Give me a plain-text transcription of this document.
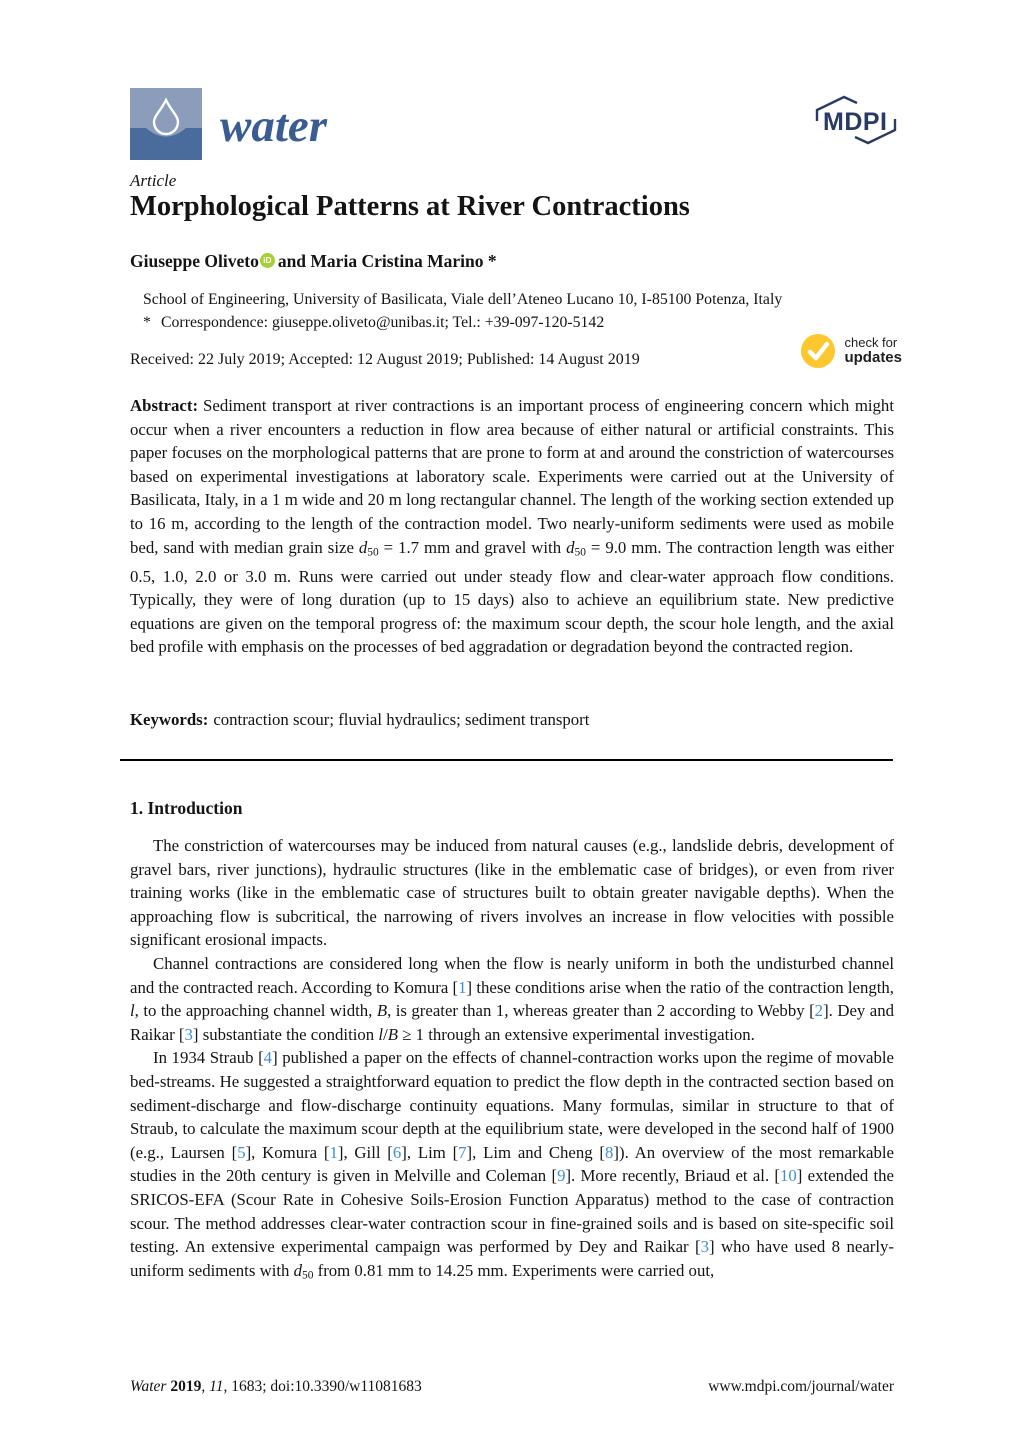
water	MDPI
Article
Morphological Patterns at River Contractions
Giuseppe Oliveto iD and Maria Cristina Marino *
School of Engineering, University of Basilicata, Viale dell’Ateneo Lucano 10, I-85100 Potenza, Italy
* Correspondence: giuseppe.oliveto@unibas.it; Tel.: +39-097-120-5142
Received: 22 July 2019; Accepted: 12 August 2019; Published: 14 August 2019
check for
updates

Abstract: Sediment transport at river contractions is an important process of engineering concern which might occur when a river encounters a reduction in flow area because of either natural or artificial constraints. This paper focuses on the morphological patterns that are prone to form at and around the constriction of watercourses based on experimental investigations at laboratory scale. Experiments were carried out at the University of Basilicata, Italy, in a 1 m wide and 20 m long rectangular channel. The length of the working section extended up to 16 m, according to the length of the contraction model. Two nearly-uniform sediments were used as mobile bed, sand with median grain size d50 = 1.7 mm and gravel with d50 = 9.0 mm. The contraction length was either 0.5, 1.0, 2.0 or 3.0 m. Runs were carried out under steady flow and clear-water approach flow conditions. Typically, they were of long duration (up to 15 days) also to achieve an equilibrium state. New predictive equations are given on the temporal progress of: the maximum scour depth, the scour hole length, and the axial bed profile with emphasis on the processes of bed aggradation or degradation beyond the contracted region.

Keywords: contraction scour; fluvial hydraulics; sediment transport

1. Introduction

The constriction of watercourses may be induced from natural causes (e.g., landslide debris, development of gravel bars, river junctions), hydraulic structures (like in the emblematic case of bridges), or even from river training works (like in the emblematic case of structures built to obtain greater navigable depths). When the approaching flow is subcritical, the narrowing of rivers involves an increase in flow velocities with possible significant erosional impacts.

Channel contractions are considered long when the flow is nearly uniform in both the undisturbed channel and the contracted reach. According to Komura [1] these conditions arise when the ratio of the contraction length, l, to the approaching channel width, B, is greater than 1, whereas greater than 2 according to Webby [2]. Dey and Raikar [3] substantiate the condition l/B ≥ 1 through an extensive experimental investigation.

In 1934 Straub [4] published a paper on the effects of channel-contraction works upon the regime of movable bed-streams. He suggested a straightforward equation to predict the flow depth in the contracted section based on sediment-discharge and flow-discharge continuity equations. Many formulas, similar in structure to that of Straub, to calculate the maximum scour depth at the equilibrium state, were developed in the second half of 1900 (e.g., Laursen [5], Komura [1], Gill [6], Lim [7], Lim and Cheng [8]). An overview of the most remarkable studies in the 20th century is given in Melville and Coleman [9]. More recently, Briaud et al. [10] extended the SRICOS-EFA (Scour Rate in Cohesive Soils-Erosion Function Apparatus) method to the case of contraction scour. The method addresses clear-water contraction scour in fine-grained soils and is based on site-specific soil testing. An extensive experimental campaign was performed by Dey and Raikar [3] who have used 8 nearly-uniform sediments with d50 from 0.81 mm to 14.25 mm. Experiments were carried out,

Water 2019, 11, 1683; doi:10.3390/w11081683	www.mdpi.com/journal/water
